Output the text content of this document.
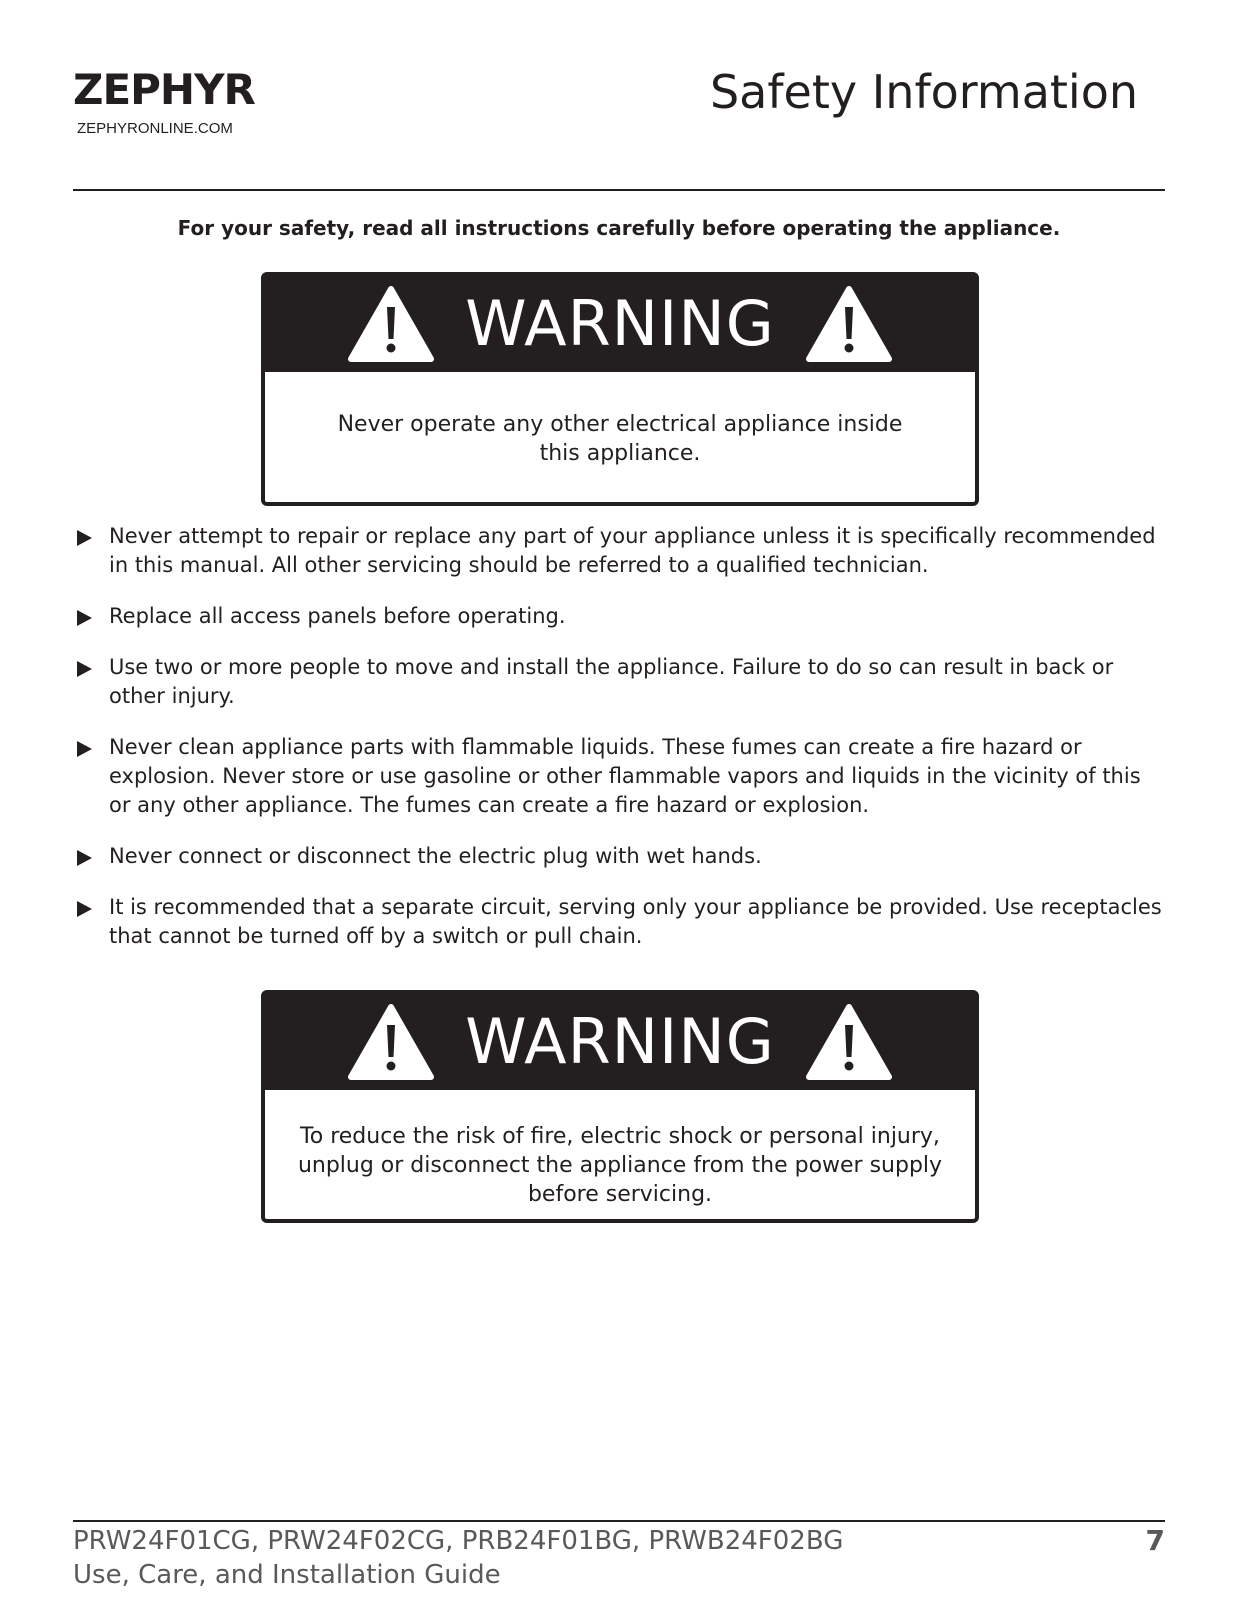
ZEPHYR
ZEPHYRONLINE.COM
Safety Information
For your safety, read all instructions carefully before operating the appliance.
WARNING
Never operate any other electrical appliance inside this appliance.
Never attempt to repair or replace any part of your appliance unless it is specifically recommended in this manual. All other servicing should be referred to a qualified technician.
Replace all access panels before operating.
Use two or more people to move and install the appliance. Failure to do so can result in back or other injury.
Never clean appliance parts with flammable liquids. These fumes can create a fire hazard or explosion. Never store or use gasoline or other flammable vapors and liquids in the vicinity of this or any other appliance. The fumes can create a fire hazard or explosion.
Never connect or disconnect the electric plug with wet hands.
It is recommended that a separate circuit, serving only your appliance be provided. Use receptacles that cannot be turned off by a switch or pull chain.
WARNING
To reduce the risk of fire, electric shock or personal injury, unplug or disconnect the appliance from the power supply before servicing.
PRW24F01CG, PRW24F02CG, PRB24F01BG, PRWB24F02BG
Use, Care, and Installation Guide
7
